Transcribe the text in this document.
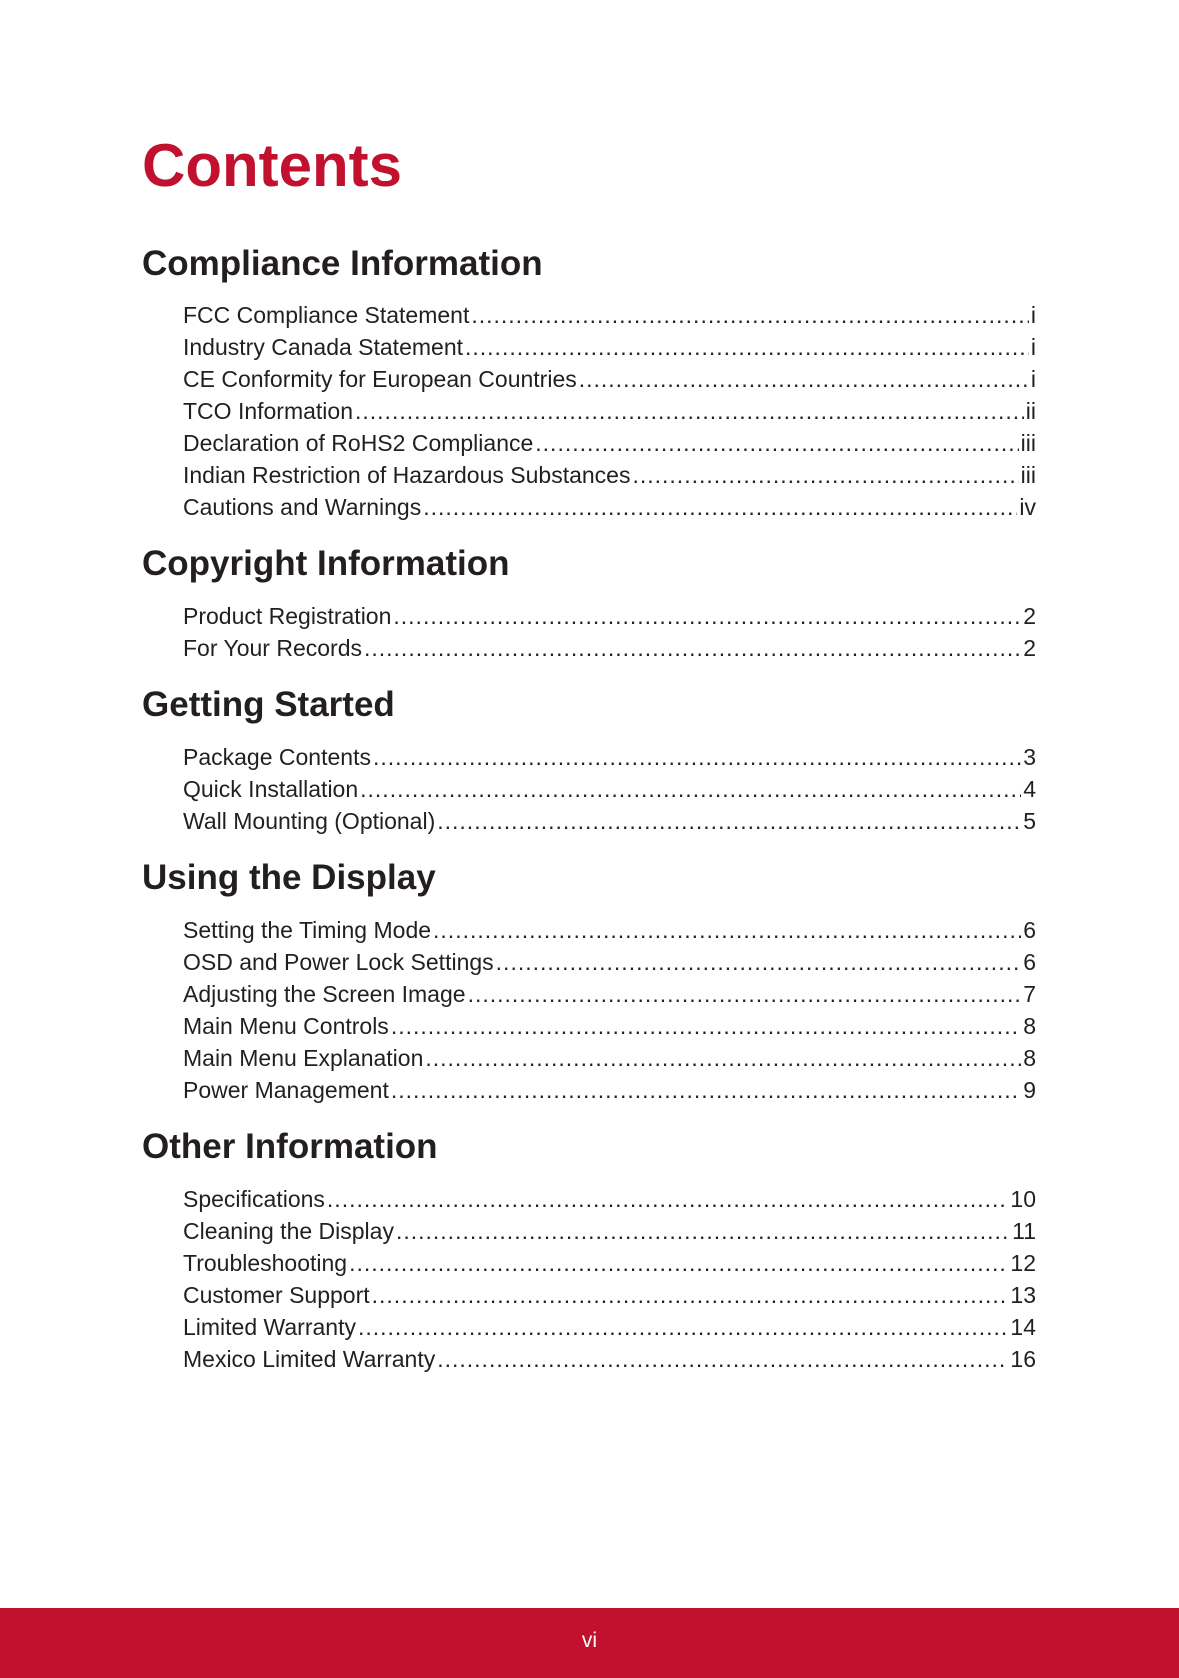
Contents
Compliance Information
FCC Compliance Statement .....	i
Industry Canada Statement .....	i
CE Conformity for European Countries .....	i
TCO Information .....	ii
Declaration of RoHS2 Compliance .....	iii
Indian Restriction of Hazardous Substances .....	iii
Cautions and Warnings .....	iv
Copyright Information
Product Registration .....	2
For Your Records .....	2
Getting Started
Package Contents .....	3
Quick Installation .....	4
Wall Mounting (Optional) .....	5
Using the Display
Setting the Timing Mode .....	6
OSD and Power Lock Settings .....	6
Adjusting the Screen Image .....	7
Main Menu Controls .....	8
Main Menu Explanation .....	8
Power Management .....	9
Other Information
Specifications .....	10
Cleaning the Display .....	11
Troubleshooting .....	12
Customer Support .....	13
Limited Warranty .....	14
Mexico Limited Warranty .....	16
vi
